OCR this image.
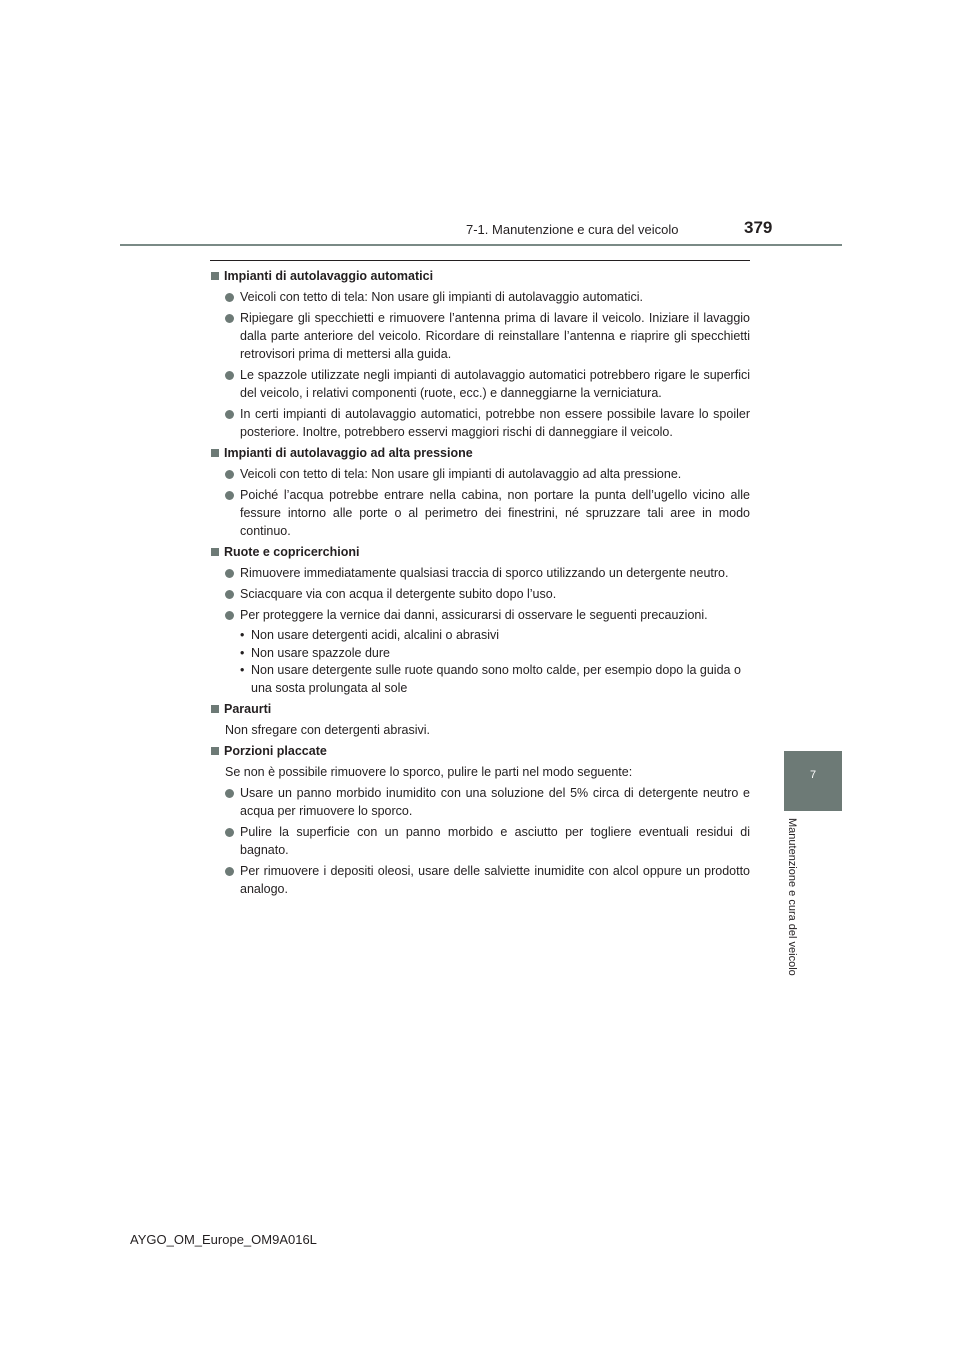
7-1. Manutenzione e cura del veicolo	379
7
Manutenzione e cura del veicolo
Impianti di autolavaggio automatici
Veicoli con tetto di tela: Non usare gli impianti di autolavaggio automatici.
Ripiegare gli specchietti e rimuovere l’antenna prima di lavare il veicolo. Iniziare il lavaggio dalla parte anteriore del veicolo. Ricordare di reinstallare l’antenna e riaprire gli specchietti retrovisori prima di mettersi alla guida.
Le spazzole utilizzate negli impianti di autolavaggio automatici potrebbero rigare le superfici del veicolo, i relativi componenti (ruote, ecc.) e danneggiarne la verniciatura.
In certi impianti di autolavaggio automatici, potrebbe non essere possibile lavare lo spoiler posteriore. Inoltre, potrebbero esservi maggiori rischi di danneggiare il veicolo.
Impianti di autolavaggio ad alta pressione
Veicoli con tetto di tela: Non usare gli impianti di autolavaggio ad alta pressione.
Poiché l’acqua potrebbe entrare nella cabina, non portare la punta dell’ugello vicino alle fessure intorno alle porte o al perimetro dei finestrini, né spruzzare tali aree in modo continuo.
Ruote e copricerchioni
Rimuovere immediatamente qualsiasi traccia di sporco utilizzando un detergente neutro.
Sciacquare via con acqua il detergente subito dopo l’uso.
Per proteggere la vernice dai danni, assicurarsi di osservare le seguenti precauzioni.
• Non usare detergenti acidi, alcalini o abrasivi
• Non usare spazzole dure
• Non usare detergente sulle ruote quando sono molto calde, per esempio dopo la guida o una sosta prolungata al sole
Paraurti
Non sfregare con detergenti abrasivi.
Porzioni placcate
Se non è possibile rimuovere lo sporco, pulire le parti nel modo seguente:
Usare un panno morbido inumidito con una soluzione del 5% circa di detergente neutro e acqua per rimuovere lo sporco.
Pulire la superficie con un panno morbido e asciutto per togliere eventuali residui di bagnato.
Per rimuovere i depositi oleosi, usare delle salviette inumidite con alcol oppure un prodotto analogo.
AYGO_OM_Europe_OM9A016L
